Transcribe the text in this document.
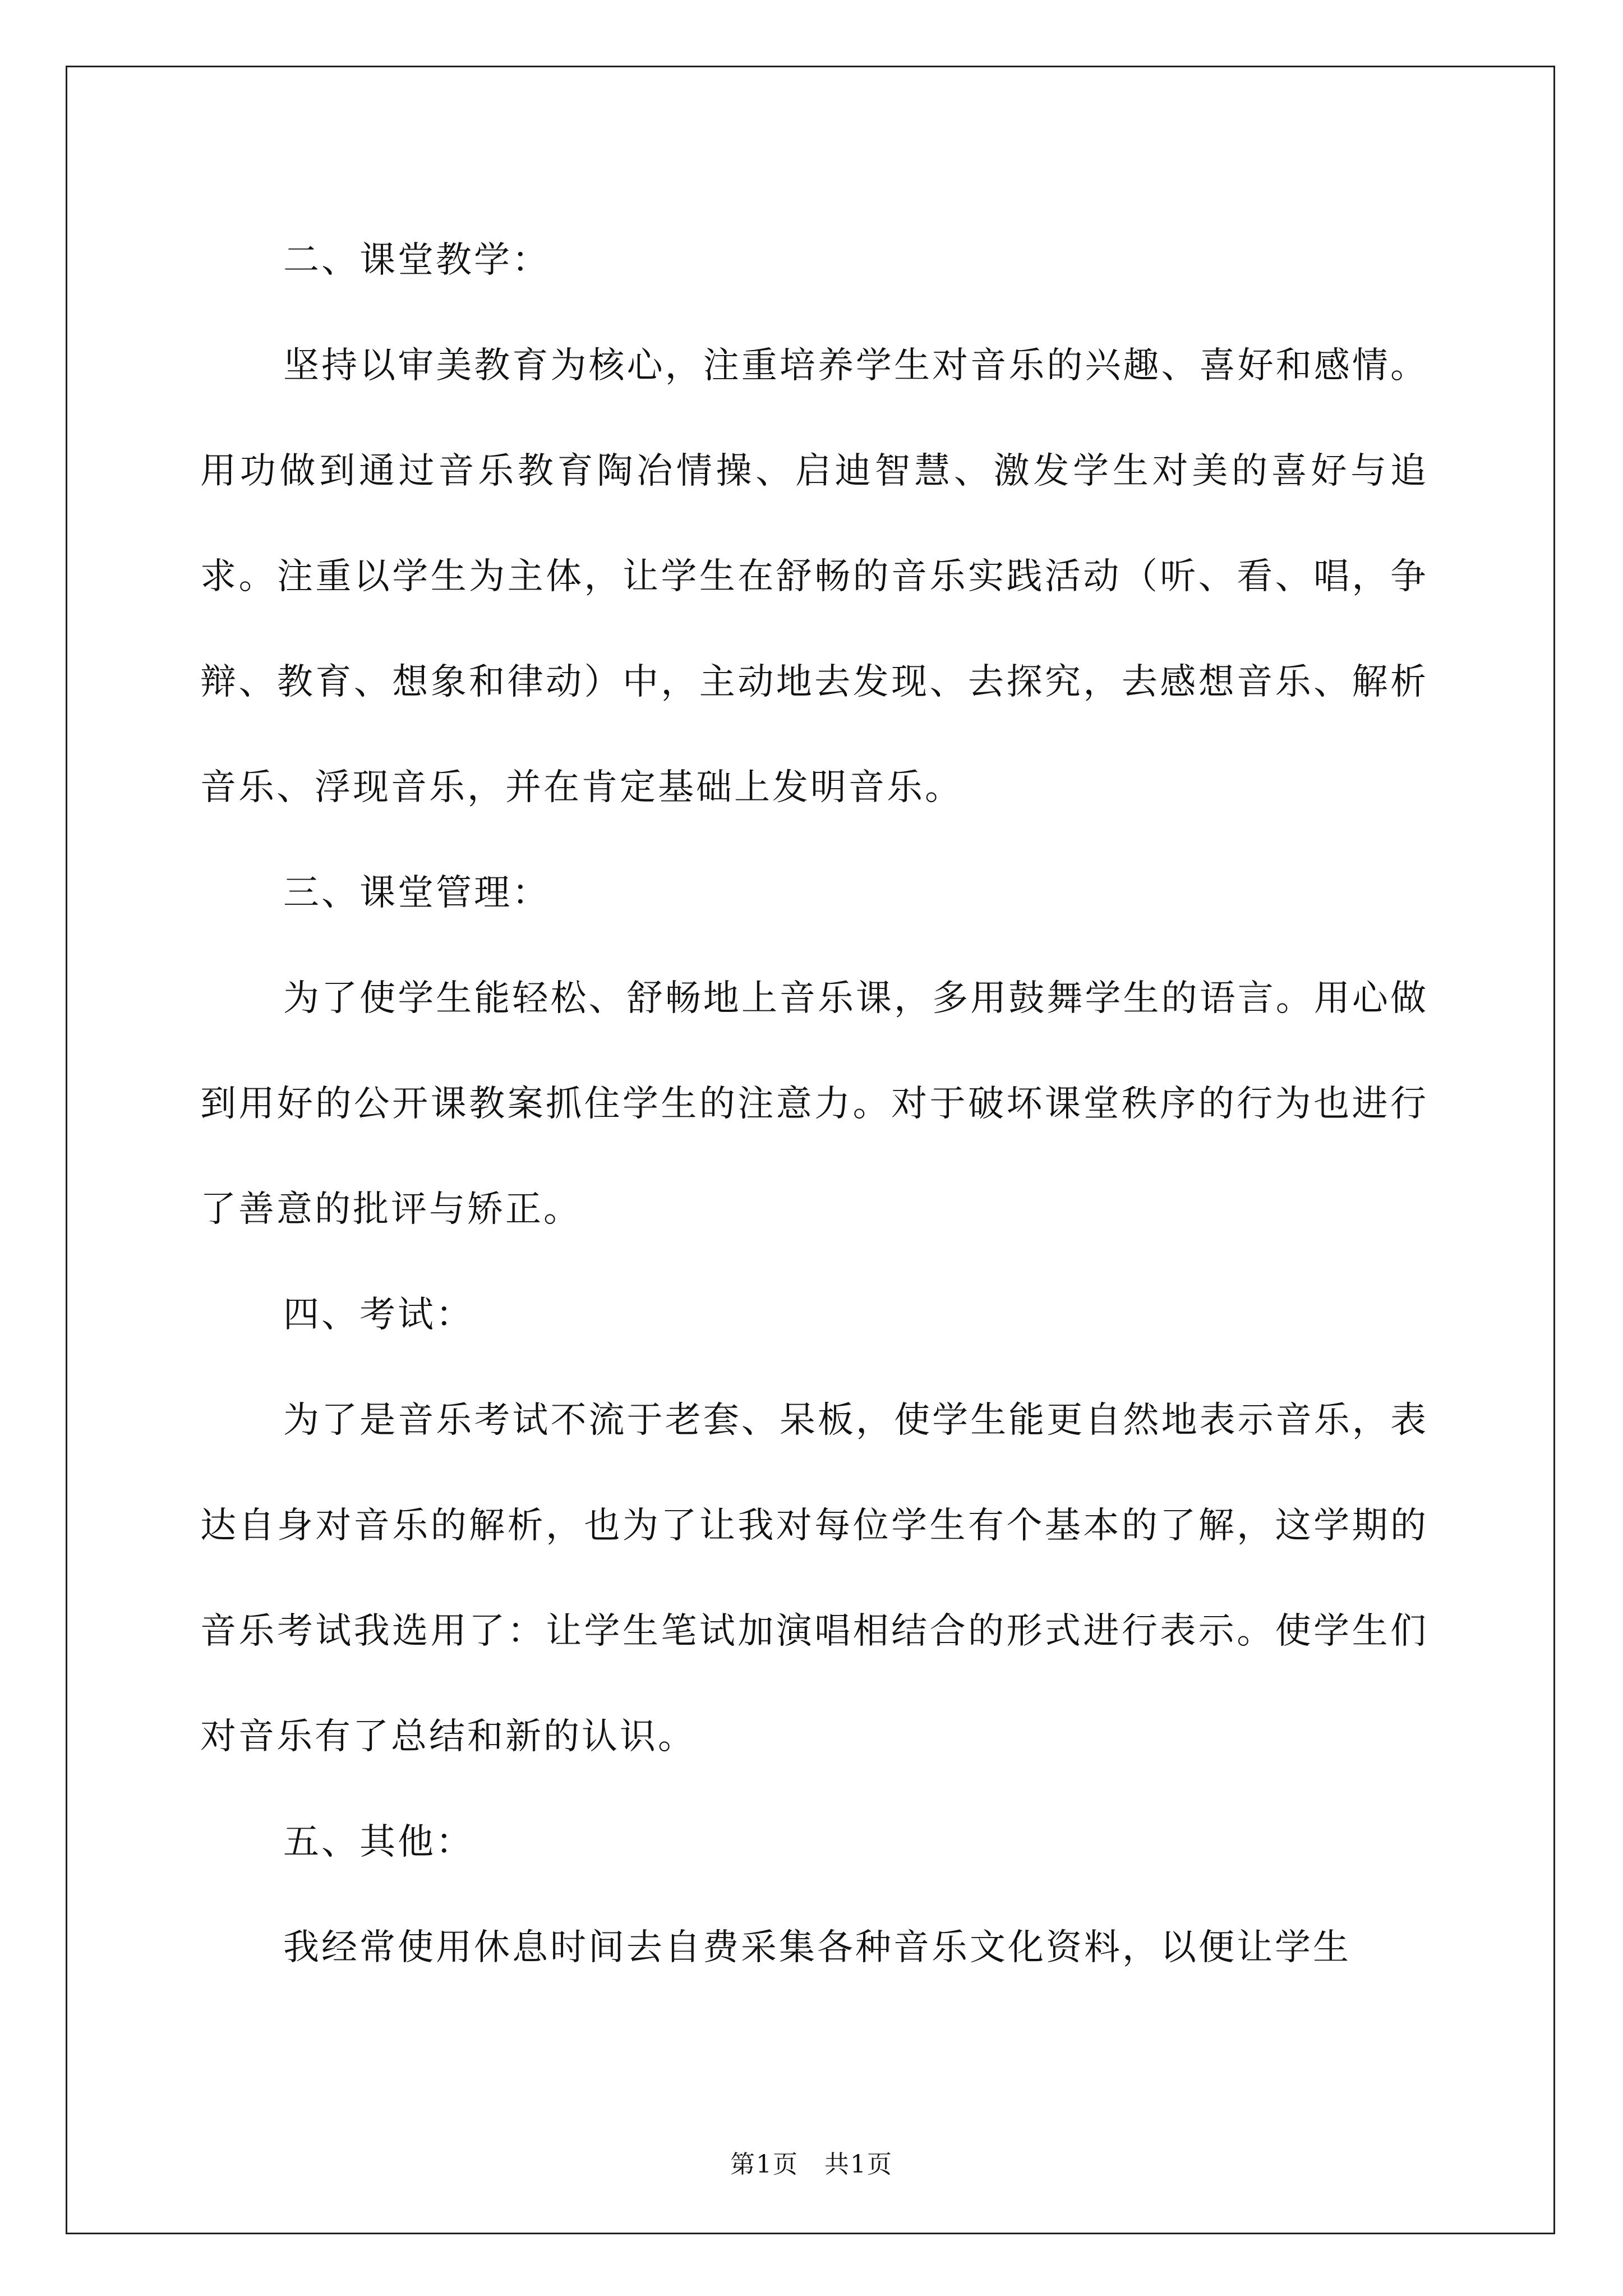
二、课堂教学：

坚持以审美教育为核心，注重培养学生对音乐的兴趣、喜好和感情。用功做到通过音乐教育陶冶情操、启迪智慧、激发学生对美的喜好与追求。注重以学生为主体，让学生在舒畅的音乐实践活动（听、看、唱，争辩、教育、想象和律动）中，主动地去发现、去探究，去感想音乐、解析音乐、浮现音乐，并在肯定基础上发明音乐。

三、课堂管理：

为了使学生能轻松、舒畅地上音乐课，多用鼓舞学生的语言。用心做到用好的公开课教案抓住学生的注意力。对于破坏课堂秩序的行为也进行了善意的批评与矫正。

四、考试：

为了是音乐考试不流于老套、呆板，使学生能更自然地表示音乐，表达自身对音乐的解析，也为了让我对每位学生有个基本的了解，这学期的音乐考试我选用了：让学生笔试加演唱相结合的形式进行表示。使学生们对音乐有了总结和新的认识。

五、其他：

我经常使用休息时间去自费采集各种音乐文化资料，以便让学生

第1页　共1页
